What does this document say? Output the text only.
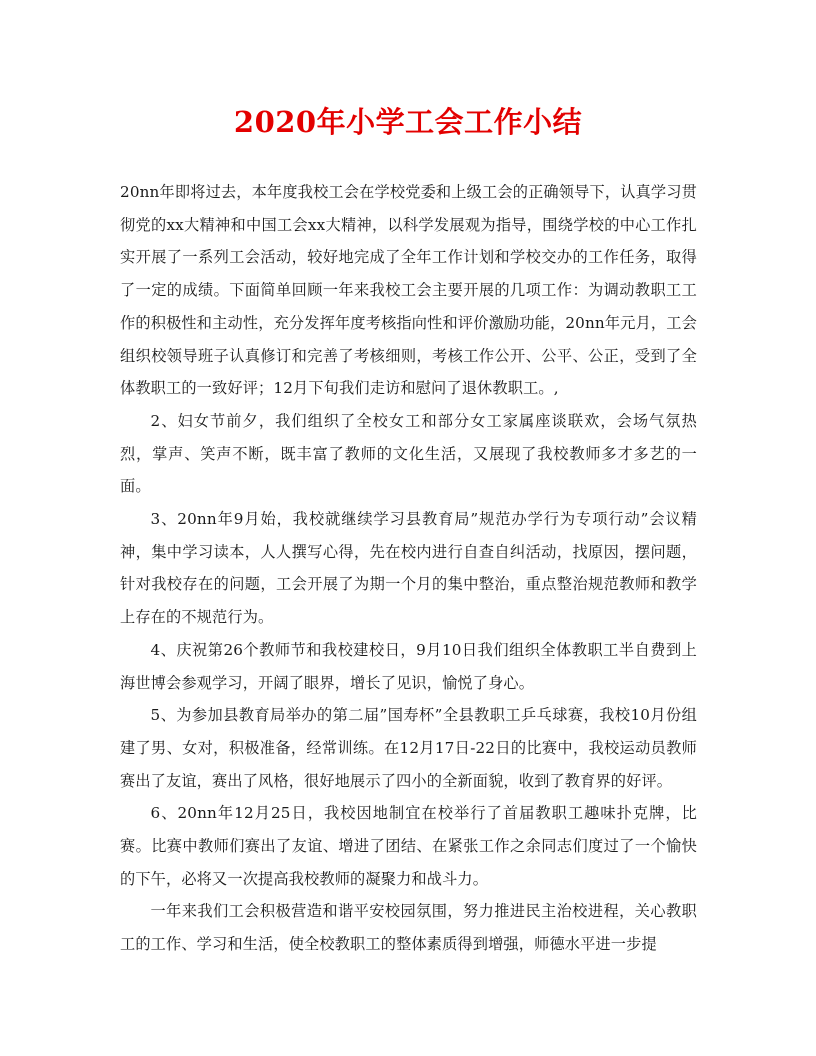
2020年小学工会工作小结

20nn年即将过去，本年度我校工会在学校党委和上级工会的正确领导下，认真学习贯彻党的xx大精神和中国工会xx大精神，以科学发展观为指导，围绕学校的中心工作扎实开展了一系列工会活动，较好地完成了全年工作计划和学校交办的工作任务，取得了一定的成绩。下面简单回顾一年来我校工会主要开展的几项工作：为调动教职工工作的积极性和主动性，充分发挥年度考核指向性和评价激励功能，20nn年元月，工会组织校领导班子认真修订和完善了考核细则，考核工作公开、公平、公正，受到了全体教职工的一致好评；12月下旬我们走访和慰问了退休教职工。,

2、妇女节前夕，我们组织了全校女工和部分女工家属座谈联欢，会场气氛热烈，掌声、笑声不断，既丰富了教师的文化生活，又展现了我校教师多才多艺的一面。

3、20nn年9月始，我校就继续学习县教育局”规范办学行为专项行动”会议精神，集中学习读本，人人撰写心得，先在校内进行自查自纠活动，找原因，摆问题，针对我校存在的问题，工会开展了为期一个月的集中整治，重点整治规范教师和教学上存在的不规范行为。

4、庆祝第26个教师节和我校建校日，9月10日我们组织全体教职工半自费到上海世博会参观学习，开阔了眼界，增长了见识，愉悦了身心。

5、为参加县教育局举办的第二届”国寿杯”全县教职工乒乓球赛，我校10月份组建了男、女对，积极准备，经常训练。在12月17日-22日的比赛中，我校运动员教师赛出了友谊，赛出了风格，很好地展示了四小的全新面貌，收到了教育界的好评。

6、20nn年12月25日，我校因地制宜在校举行了首届教职工趣味扑克牌，比赛。比赛中教师们赛出了友谊、增进了团结、在紧张工作之余同志们度过了一个愉快的下午，必将又一次提高我校教师的凝聚力和战斗力。

一年来我们工会积极营造和谐平安校园氛围，努力推进民主治校进程，关心教职工的工作、学习和生活，使全校教职工的整体素质得到增强，师德水平进一步提
